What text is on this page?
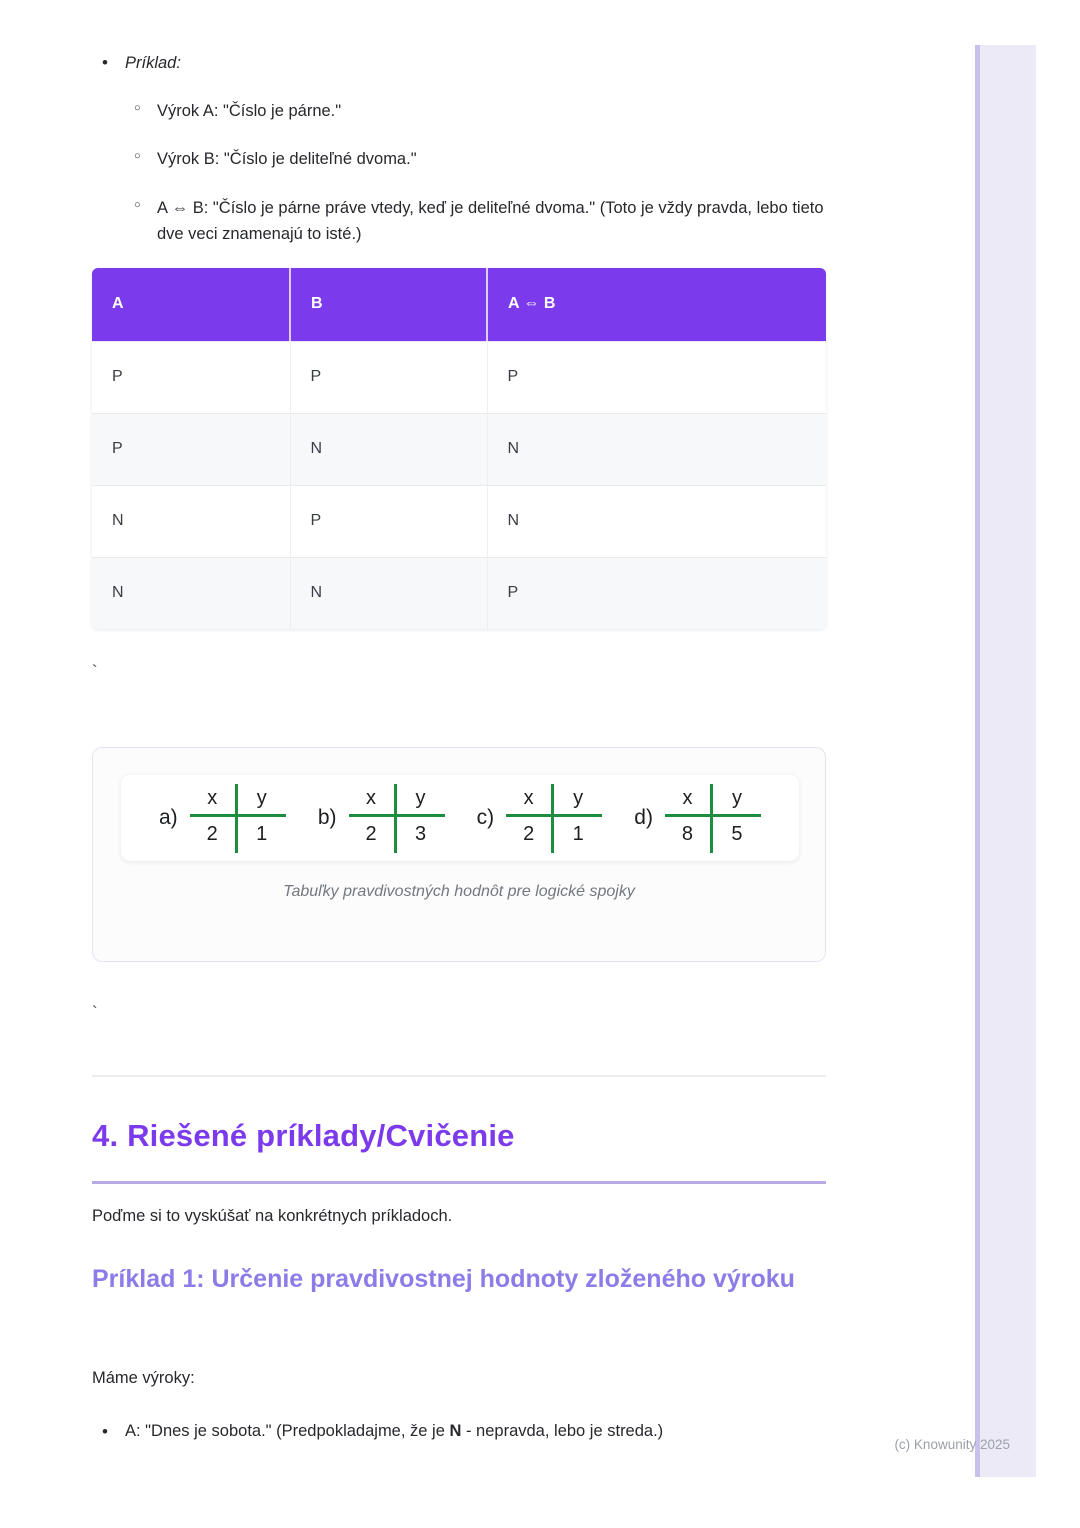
• Príklad:
○ Výrok A: "Číslo je párne."
○ Výrok B: "Číslo je deliteľné dvoma."
○ A ⇔ B: "Číslo je párne práve vtedy, keď je deliteľné dvoma." (Toto je vždy pravda, lebo tieto dve veci znamenajú to isté.)
A	B	A ⇔ B
P	P	P
P	N	N
N	P	N
N	N	P
`
a)
x	y
2	1
b)
x	y
2	3
c)
x	y
2	1
d)
x	y
8	5
Tabuľky pravdivostných hodnôt pre logické spojky
`
4. Riešené príklady/Cvičenie

Poďme si to vyskúšať na konkrétnych príkladoch.

Príklad 1: Určenie pravdivostnej hodnoty zloženého výroku

Máme výroky:

• A: "Dnes je sobota." (Predpokladajme, že je N - nepravda, lebo je streda.)
(c) Knowunity 2025
